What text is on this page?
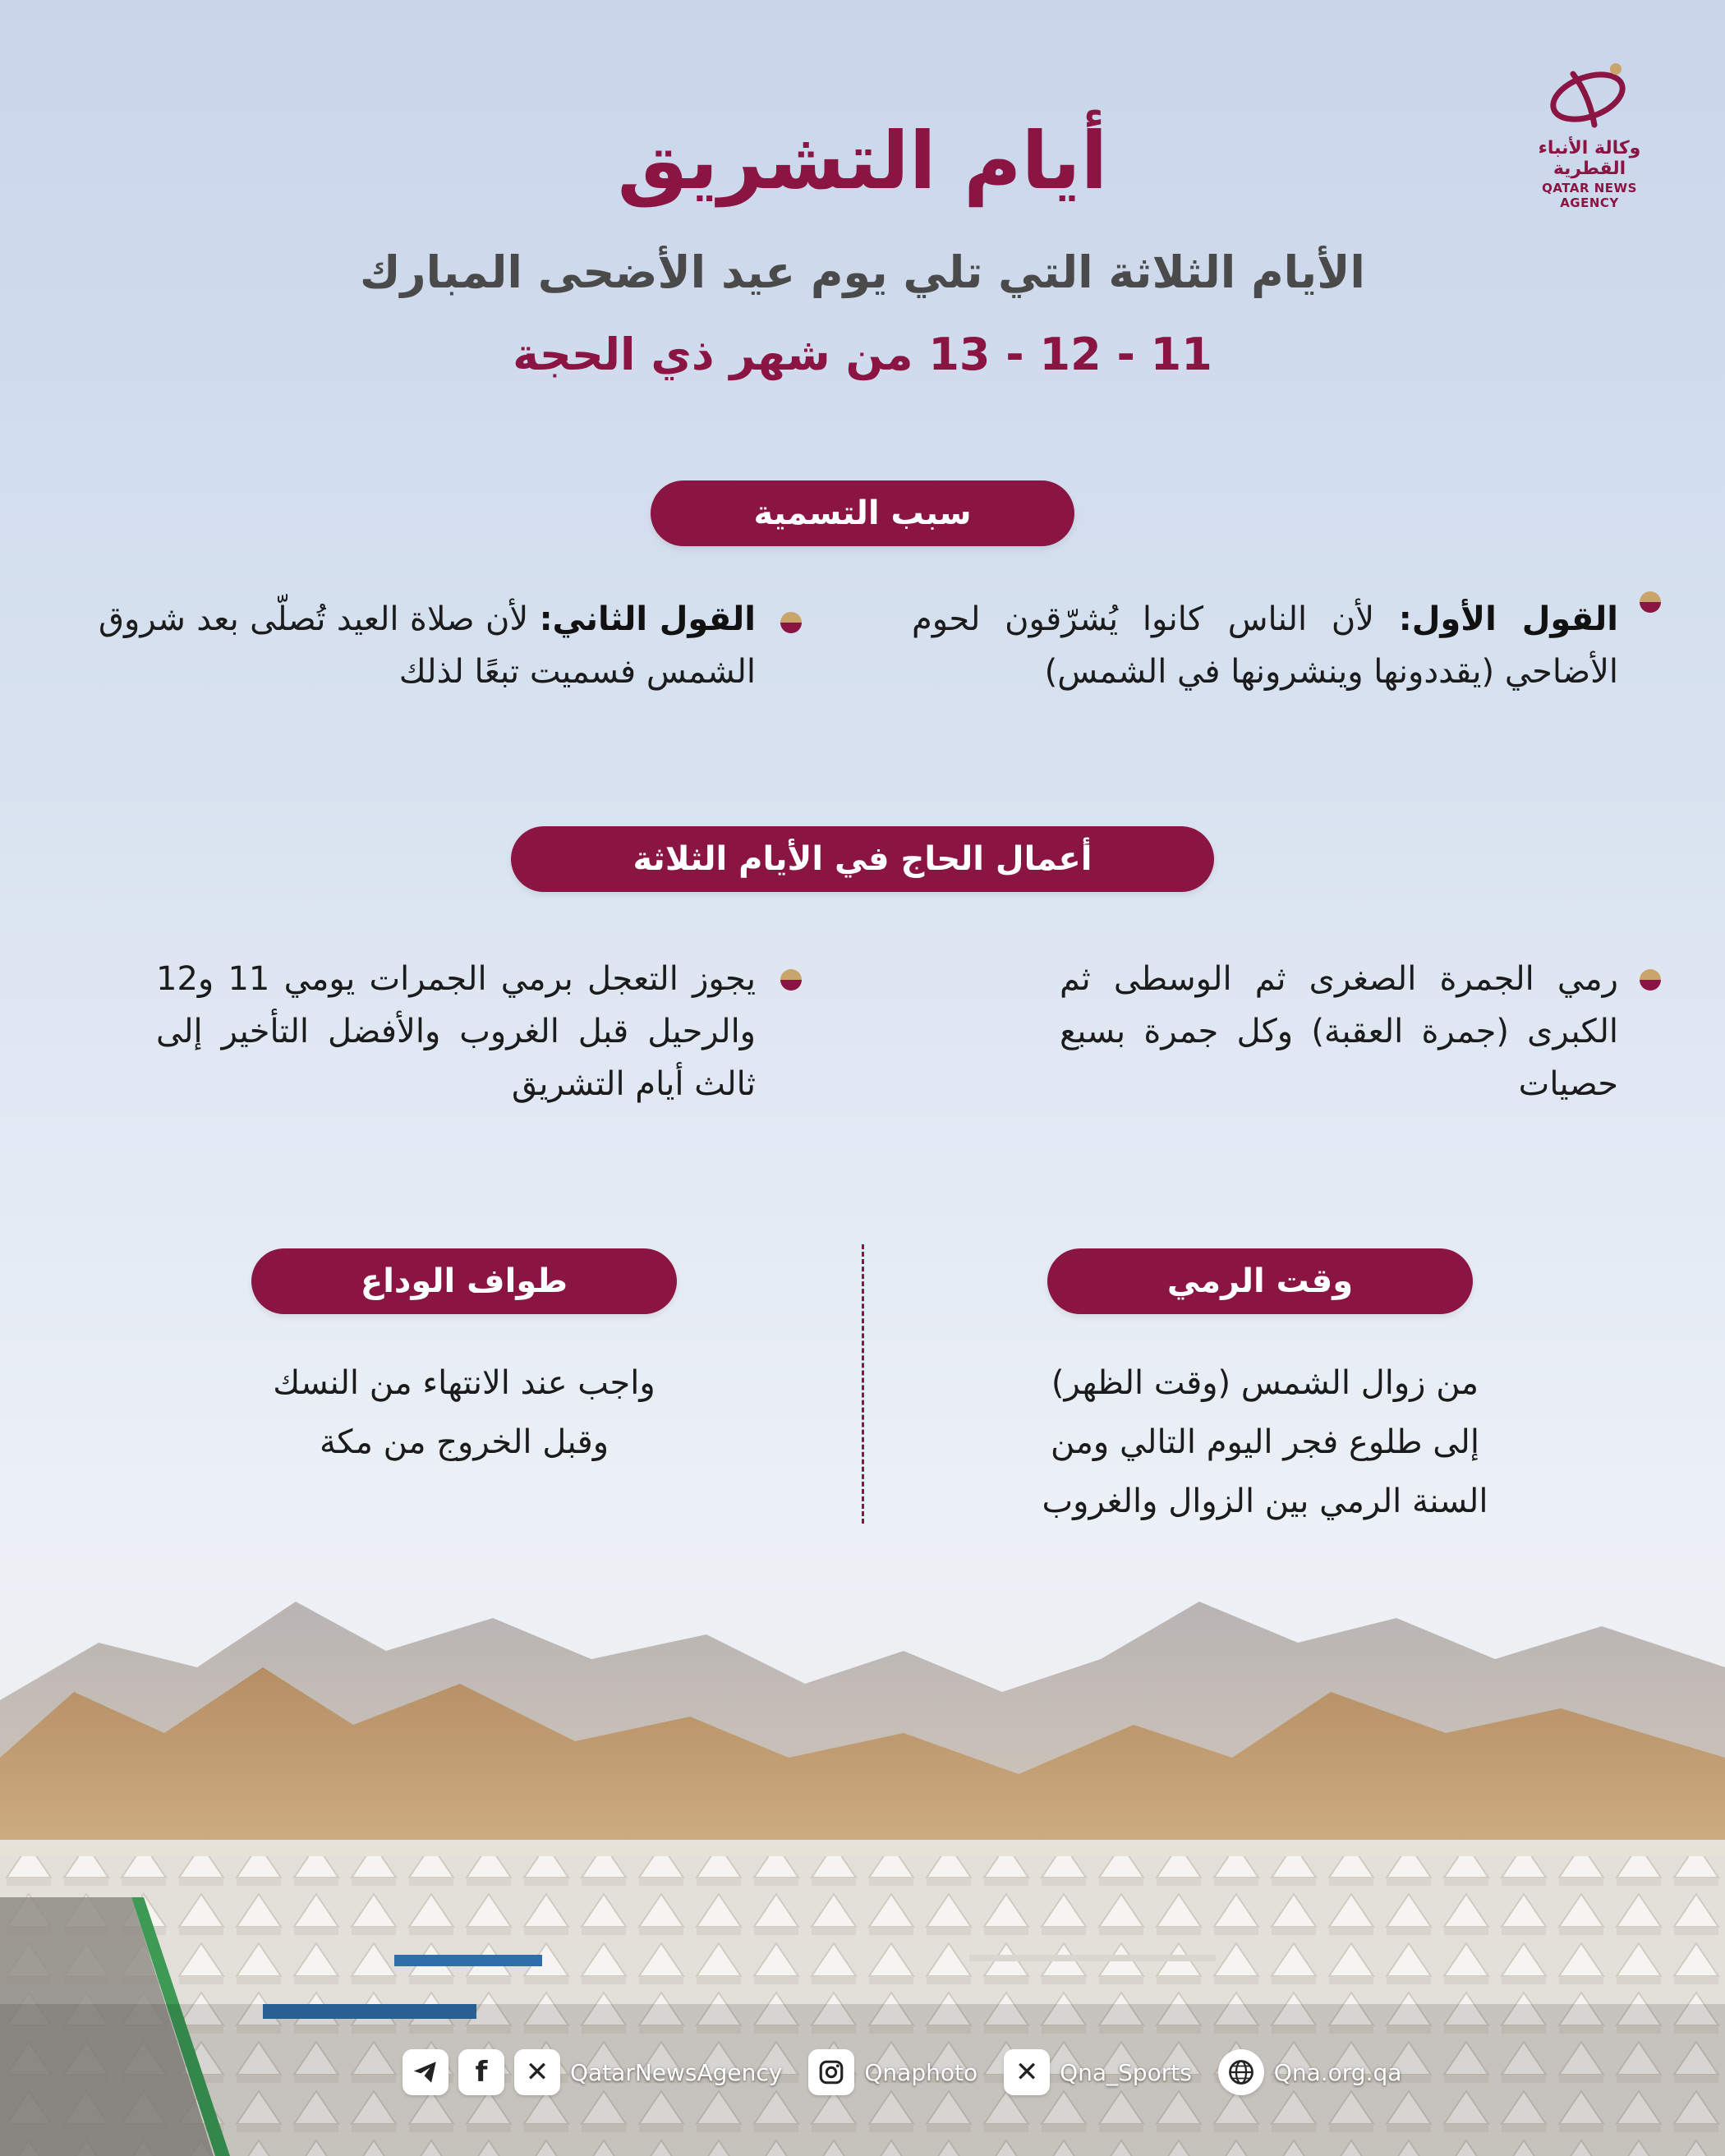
وكالة الأنباء القطرية
QATAR NEWS AGENCY
أيام التشريق
الأيام الثلاثة التي تلي يوم عيد الأضحى المبارك
11 - 12 - 13 من شهر ذي الحجة
سبب التسمية
القول الأول: لأن الناس كانوا يُشرّقون لحوم الأضاحي (يقددونها وينشرونها في الشمس)
القول الثاني: لأن صلاة العيد تُصلّى بعد شروق الشمس فسميت تبعًا لذلك
أعمال الحاج في الأيام الثلاثة
رمي الجمرة الصغرى ثم الوسطى ثم الكبرى (جمرة العقبة) وكل جمرة بسبع حصيات
يجوز التعجل برمي الجمرات يومي 11 و12 والرحيل قبل الغروب والأفضل التأخير إلى ثالث أيام التشريق
وقت الرمي
من زوال الشمس (وقت الظهر)
إلى طلوع فجر اليوم التالي ومن
السنة الرمي بين الزوال والغروب
طواف الوداع
واجب عند الانتهاء من النسك
وقبل الخروج من مكة
f	✕ QatarNewsAgency	Qnaphoto	✕ Qna_Sports	Qna.org.qa
